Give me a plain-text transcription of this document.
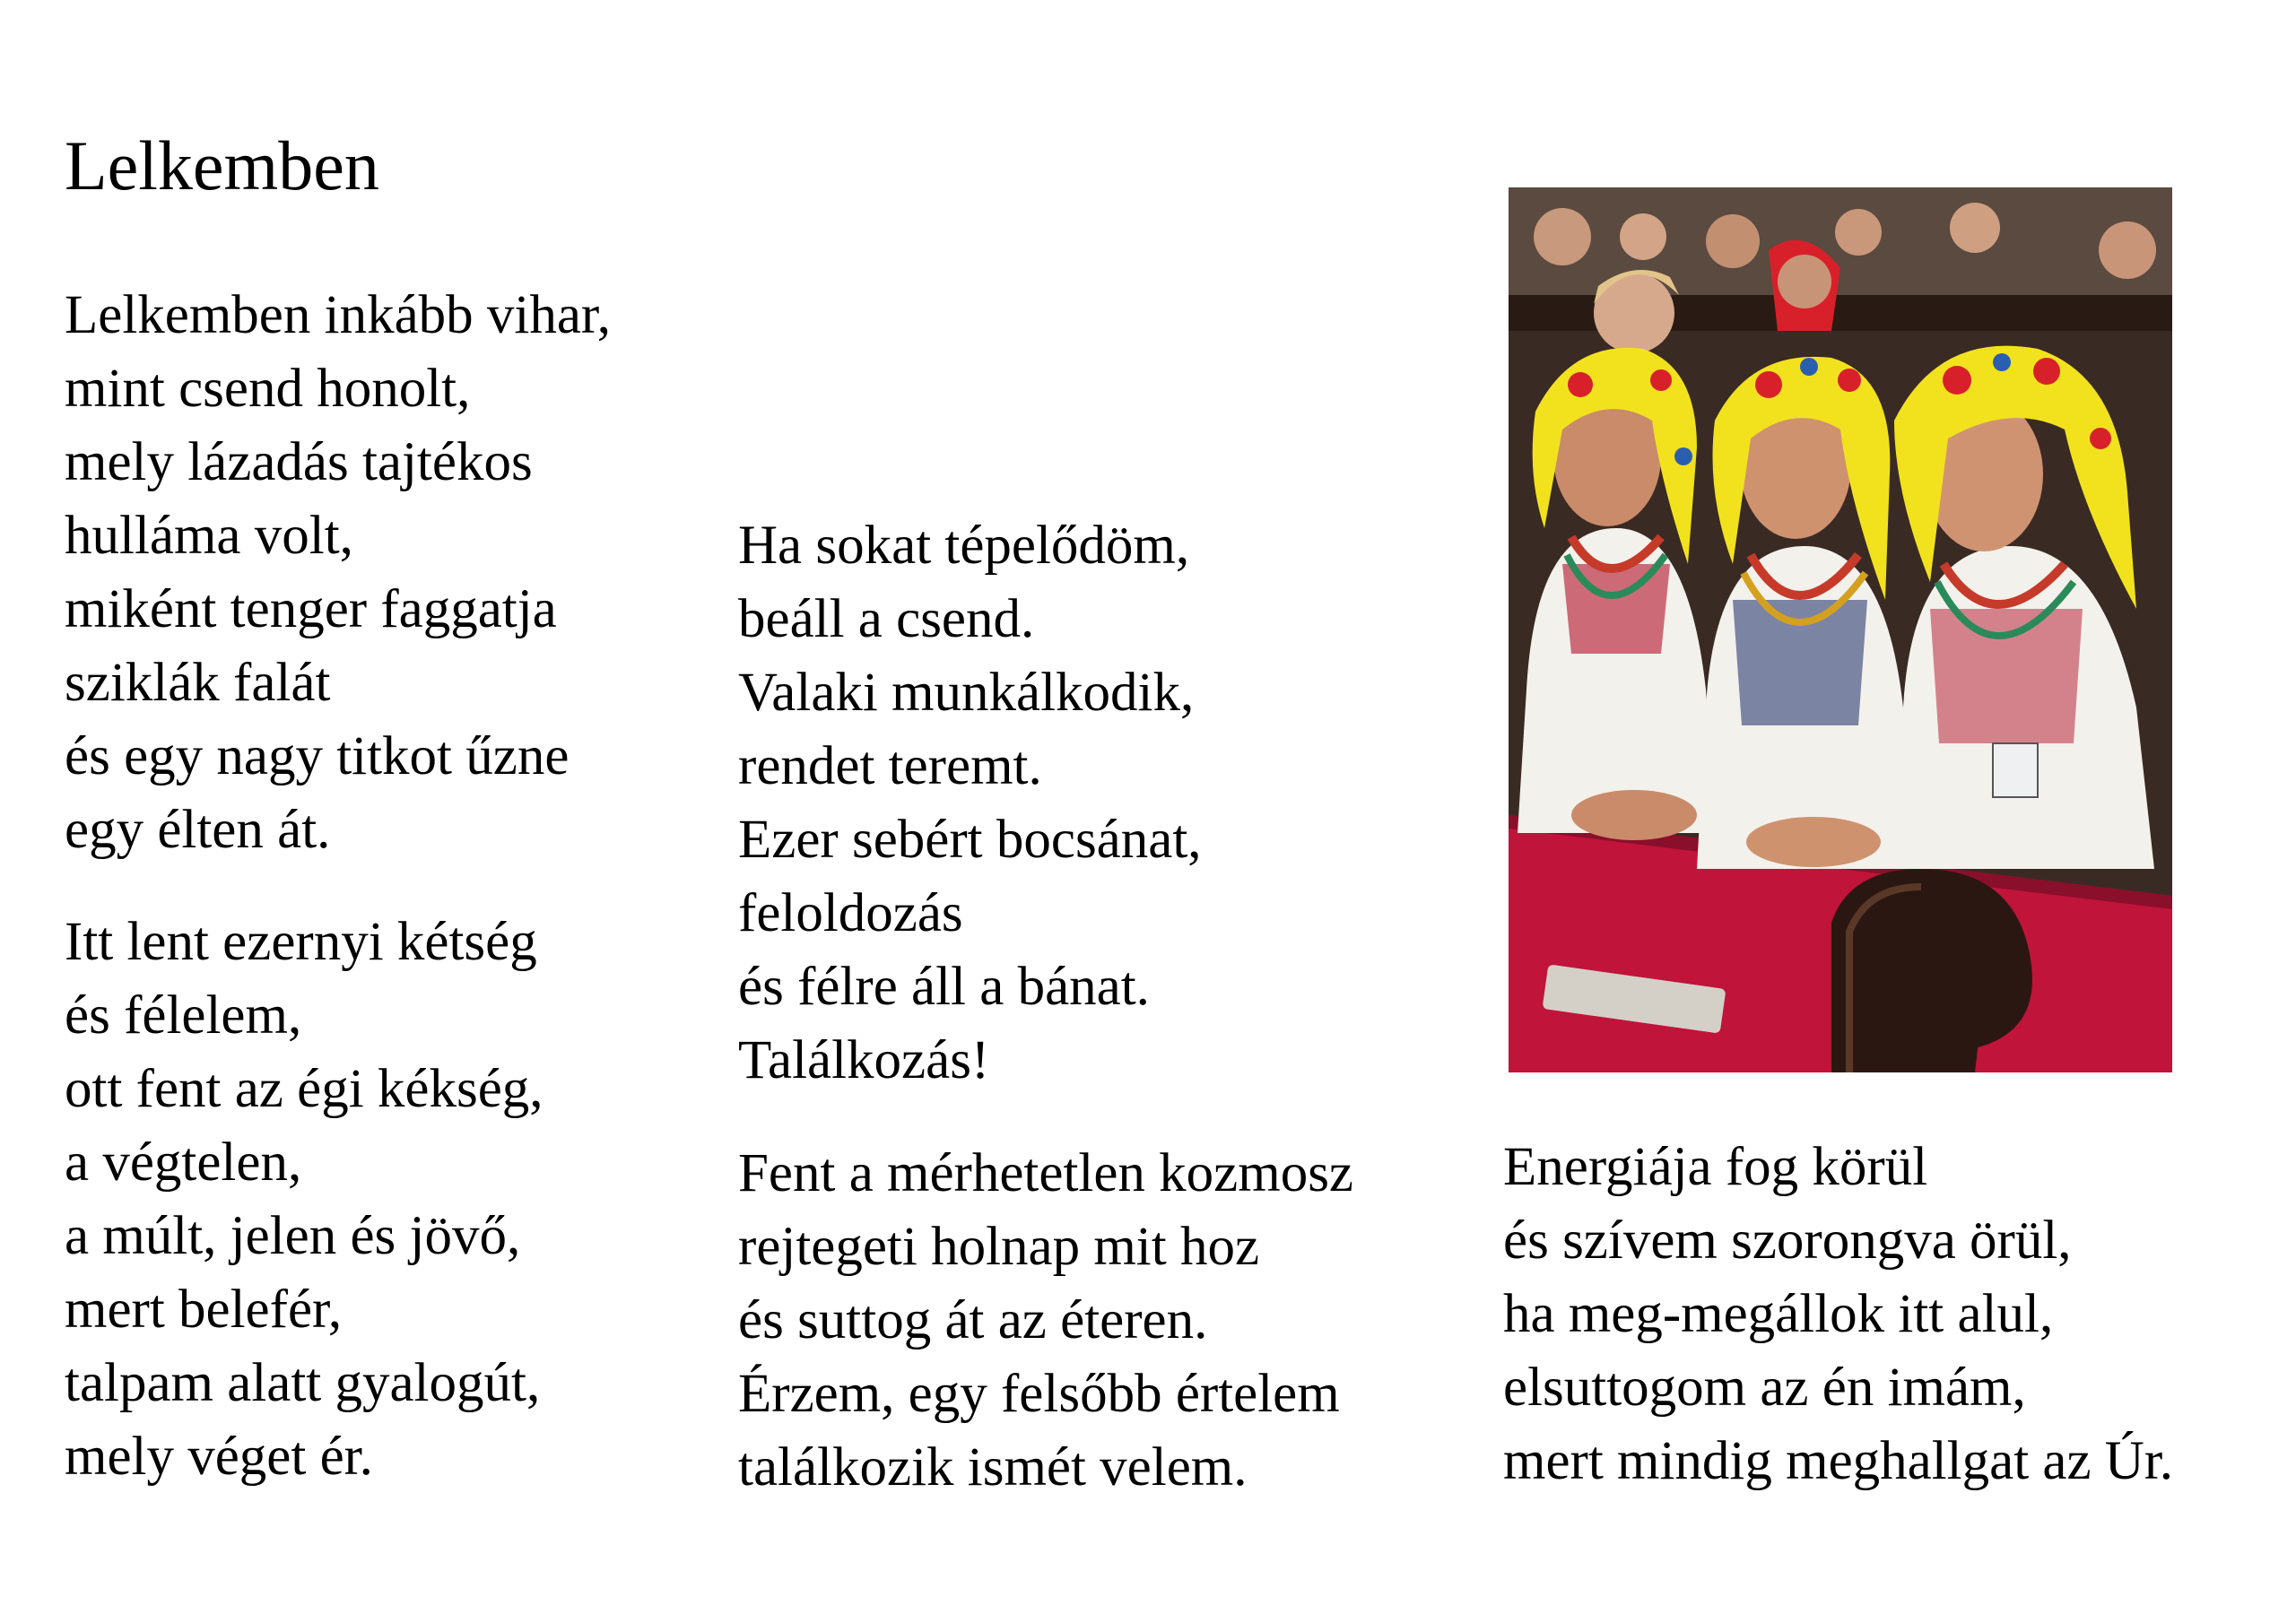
Lelkemben
Lelkemben inkább vihar,
mint csend honolt,
mely lázadás tajtékos
hulláma volt,
miként tenger faggatja
sziklák falát
és egy nagy titkot űzne
egy élten át.
Itt lent ezernyi kétség
és félelem,
ott fent az égi kékség,
a végtelen,
a múlt, jelen és jövő,
mert belefér,
talpam alatt gyalogút,
mely véget ér.
Ha sokat tépelődöm,
beáll a csend.
Valaki munkálkodik,
rendet teremt.
Ezer sebért bocsánat,
feloldozás
és félre áll a bánat.
Találkozás!
Fent a mérhetetlen kozmosz
rejtegeti holnap mit hoz
és suttog át az éteren.
Érzem, egy felsőbb értelem
találkozik ismét velem.
Energiája fog körül
és szívem szorongva örül,
ha meg-megállok itt alul,
elsuttogom az én imám,
mert mindig meghallgat az Úr.
